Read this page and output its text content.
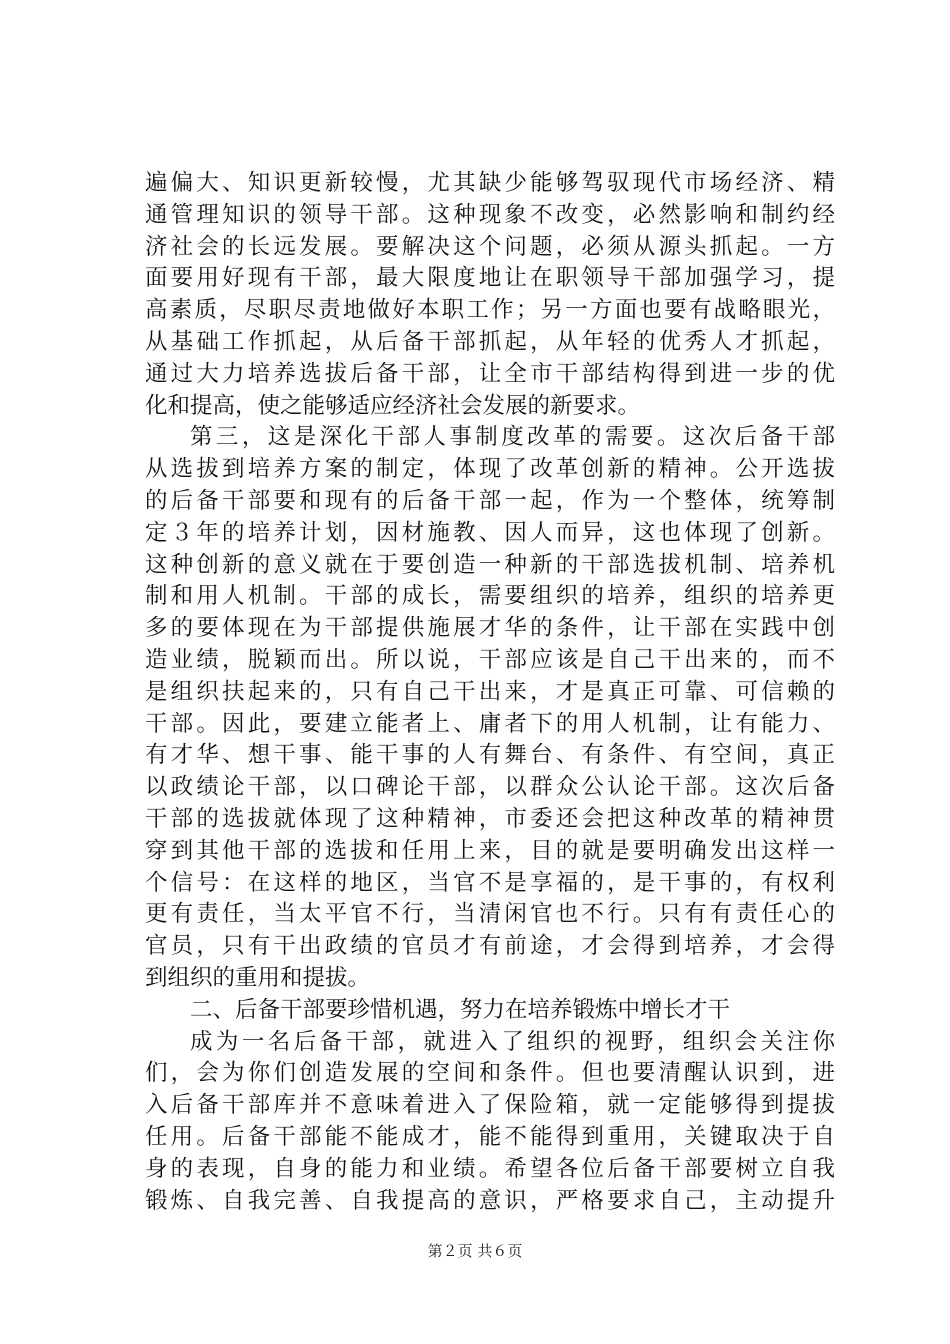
遍偏大、知识更新较慢，尤其缺少能够驾驭现代市场经济、精
通管理知识的领导干部。这种现象不改变，必然影响和制约经
济社会的长远发展。要解决这个问题，必须从源头抓起。一方
面要用好现有干部，最大限度地让在职领导干部加强学习，提
高素质，尽职尽责地做好本职工作；另一方面也要有战略眼光，
从基础工作抓起，从后备干部抓起，从年轻的优秀人才抓起，
通过大力培养选拔后备干部，让全市干部结构得到进一步的优
化和提高，使之能够适应经济社会发展的新要求。
第三，这是深化干部人事制度改革的需要。这次后备干部
从选拔到培养方案的制定，体现了改革创新的精神。公开选拔
的后备干部要和现有的后备干部一起，作为一个整体，统筹制
定３年的培养计划，因材施教、因人而异，这也体现了创新。
这种创新的意义就在于要创造一种新的干部选拔机制、培养机
制和用人机制。干部的成长，需要组织的培养，组织的培养更
多的要体现在为干部提供施展才华的条件，让干部在实践中创
造业绩，脱颖而出。所以说，干部应该是自己干出来的，而不
是组织扶起来的，只有自己干出来，才是真正可靠、可信赖的
干部。因此，要建立能者上、庸者下的用人机制，让有能力、
有才华、想干事、能干事的人有舞台、有条件、有空间，真正
以政绩论干部，以口碑论干部，以群众公认论干部。这次后备
干部的选拔就体现了这种精神，市委还会把这种改革的精神贯
穿到其他干部的选拔和任用上来，目的就是要明确发出这样一
个信号：在这样的地区，当官不是享福的，是干事的，有权利
更有责任，当太平官不行，当清闲官也不行。只有有责任心的
官员，只有干出政绩的官员才有前途，才会得到培养，才会得
到组织的重用和提拔。
二、后备干部要珍惜机遇，努力在培养锻炼中增长才干
成为一名后备干部，就进入了组织的视野，组织会关注你
们，会为你们创造发展的空间和条件。但也要清醒认识到，进
入后备干部库并不意味着进入了保险箱，就一定能够得到提拔
任用。后备干部能不能成才，能不能得到重用，关键取决于自
身的表现，自身的能力和业绩。希望各位后备干部要树立自我
锻炼、自我完善、自我提高的意识，严格要求自己，主动提升
第２页 共６页
